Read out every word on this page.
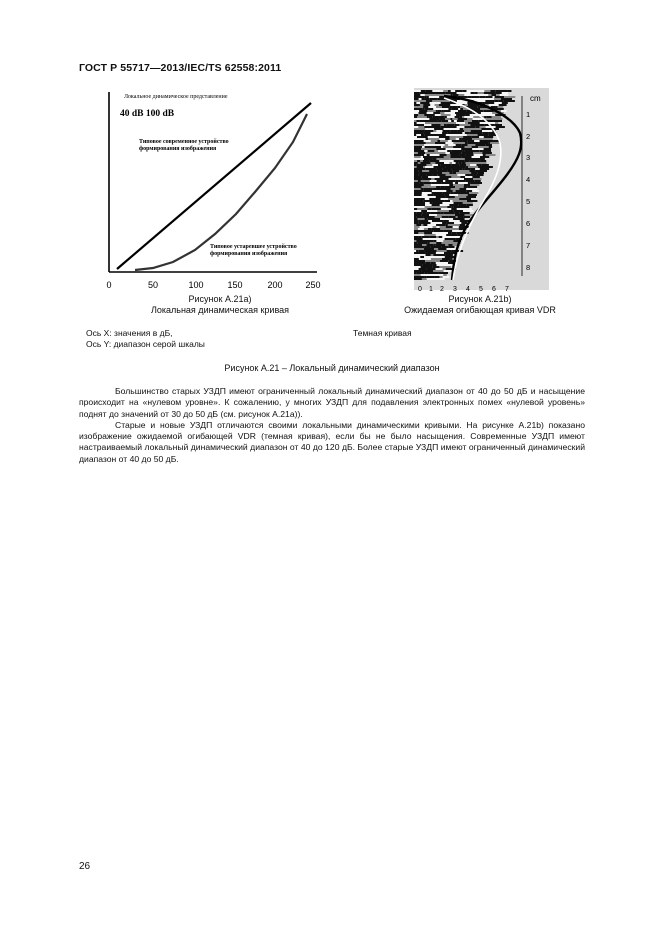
ГОСТ Р 55717—2013/IEC/TS 62558:2011
Локальное динамическое представление
40 dB 100 dB
Типовое современное устройство
формирования изображения
Типовое устаревшее устройство
формирования изображения
0	50	100	150	200	250
Рисунок А.21а)
Локальная динамическая кривая
cm
1
2
3
4
5
6
7
8
0 1 2 3 4 5 6 7
Рисунок А.21b)
Ожидаемая огибающая кривая VDR
Ось X: значения в дБ,
Ось Y: диапазон серой шкалы
Темная кривая
Рисунок А.21 – Локальный динамический диапазон

Большинство старых УЗДП имеют ограниченный локальный динамический диапазон от 40 до 50 дБ и насыщение происходит на «нулевом уровне». К сожалению, у многих УЗДП для подавления электронных помех «нулевой уровень» поднят до значений от 30 до 50 дБ (см. рисунок А.21а)).

Старые и новые УЗДП отличаются своими локальными динамическими кривыми. На рисунке А.21b) показано изображение ожидаемой огибающей VDR (темная кривая), если бы не было насыщения. Современные УЗДП имеют настраиваемый локальный динамический диапазон от 40 до 120 дБ. Более старые УЗДП имеют ограниченный динамический диапазон от 40 до 50 дБ.

26
